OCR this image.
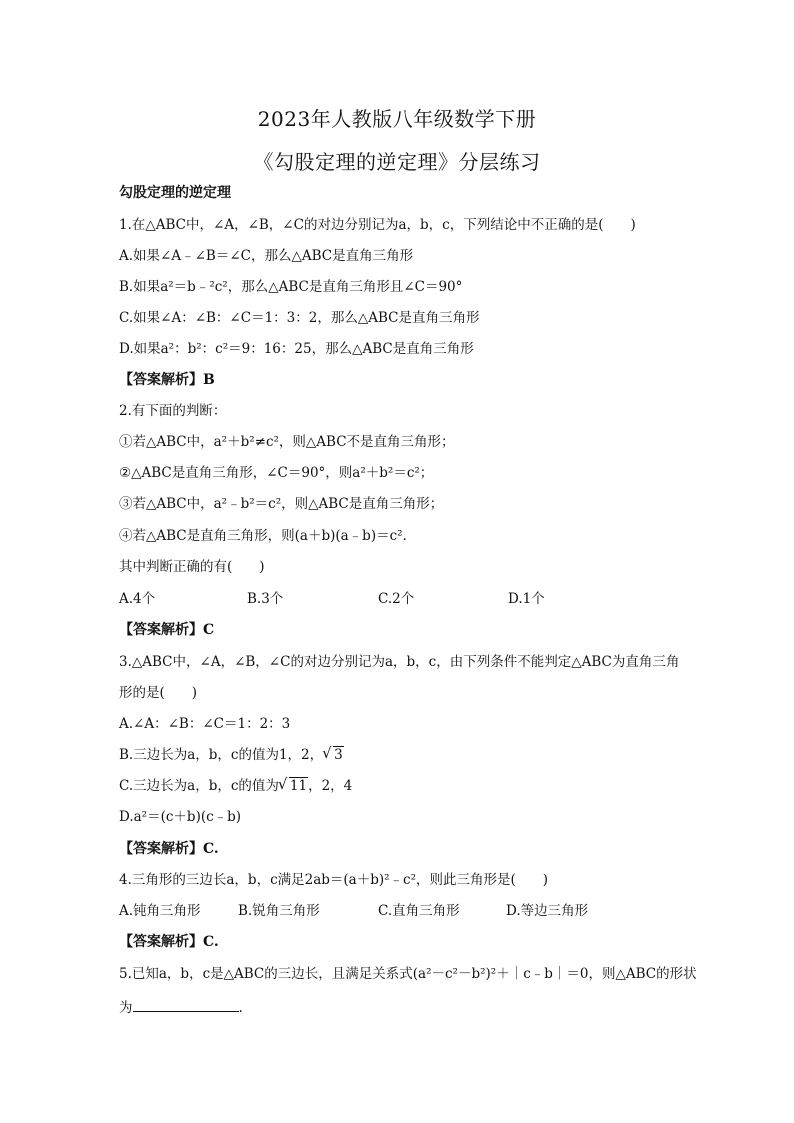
2023年人教版八年级数学下册
《勾股定理的逆定理》分层练习
勾股定理的逆定理
1.在△ABC中，∠A，∠B，∠C的对边分别记为a，b，c，下列结论中不正确的是(　　)
A.如果∠A﹣∠B＝∠C，那么△ABC是直角三角形
B.如果a²＝b﹣²c²，那么△ABC是直角三角形且∠C＝90°
C.如果∠A：∠B：∠C＝1：3：2，那么△ABC是直角三角形
D.如果a²：b²：c²＝9：16：25，那么△ABC是直角三角形
【答案解析】B
2.有下面的判断：
①若△ABC中，a²＋b²≠c²，则△ABC不是直角三角形；
②△ABC是直角三角形，∠C＝90°，则a²＋b²＝c²；
③若△ABC中，a²﹣b²＝c²，则△ABC是直角三角形；
④若△ABC是直角三角形，则(a＋b)(a﹣b)＝c².
其中判断正确的有(　　)
A.4个	B.3个	C.2个	D.1个
【答案解析】C
3.△ABC中，∠A，∠B，∠C的对边分别记为a，b，c，由下列条件不能判定△ABC为直角三角
形的是(　　)
A.∠A：∠B：∠C＝1：2：3
B.三边长为a，b，c的值为1，2， √ 3
C.三边长为a，b，c的值为 √ 11，2，4
D.a²＝(c＋b)(c﹣b)
【答案解析】C.
4.三角形的三边长a，b，c满足2ab＝(a＋b)²﹣c²，则此三角形是(　　)
A.钝角三角形	B.锐角三角形	C.直角三角形	D.等边三角形
【答案解析】C.
5.已知a，b，c是△ABC的三边长，且满足关系式(a²－c²－b²)²＋｜c﹣b｜＝0，则△ABC的形状
为	.
